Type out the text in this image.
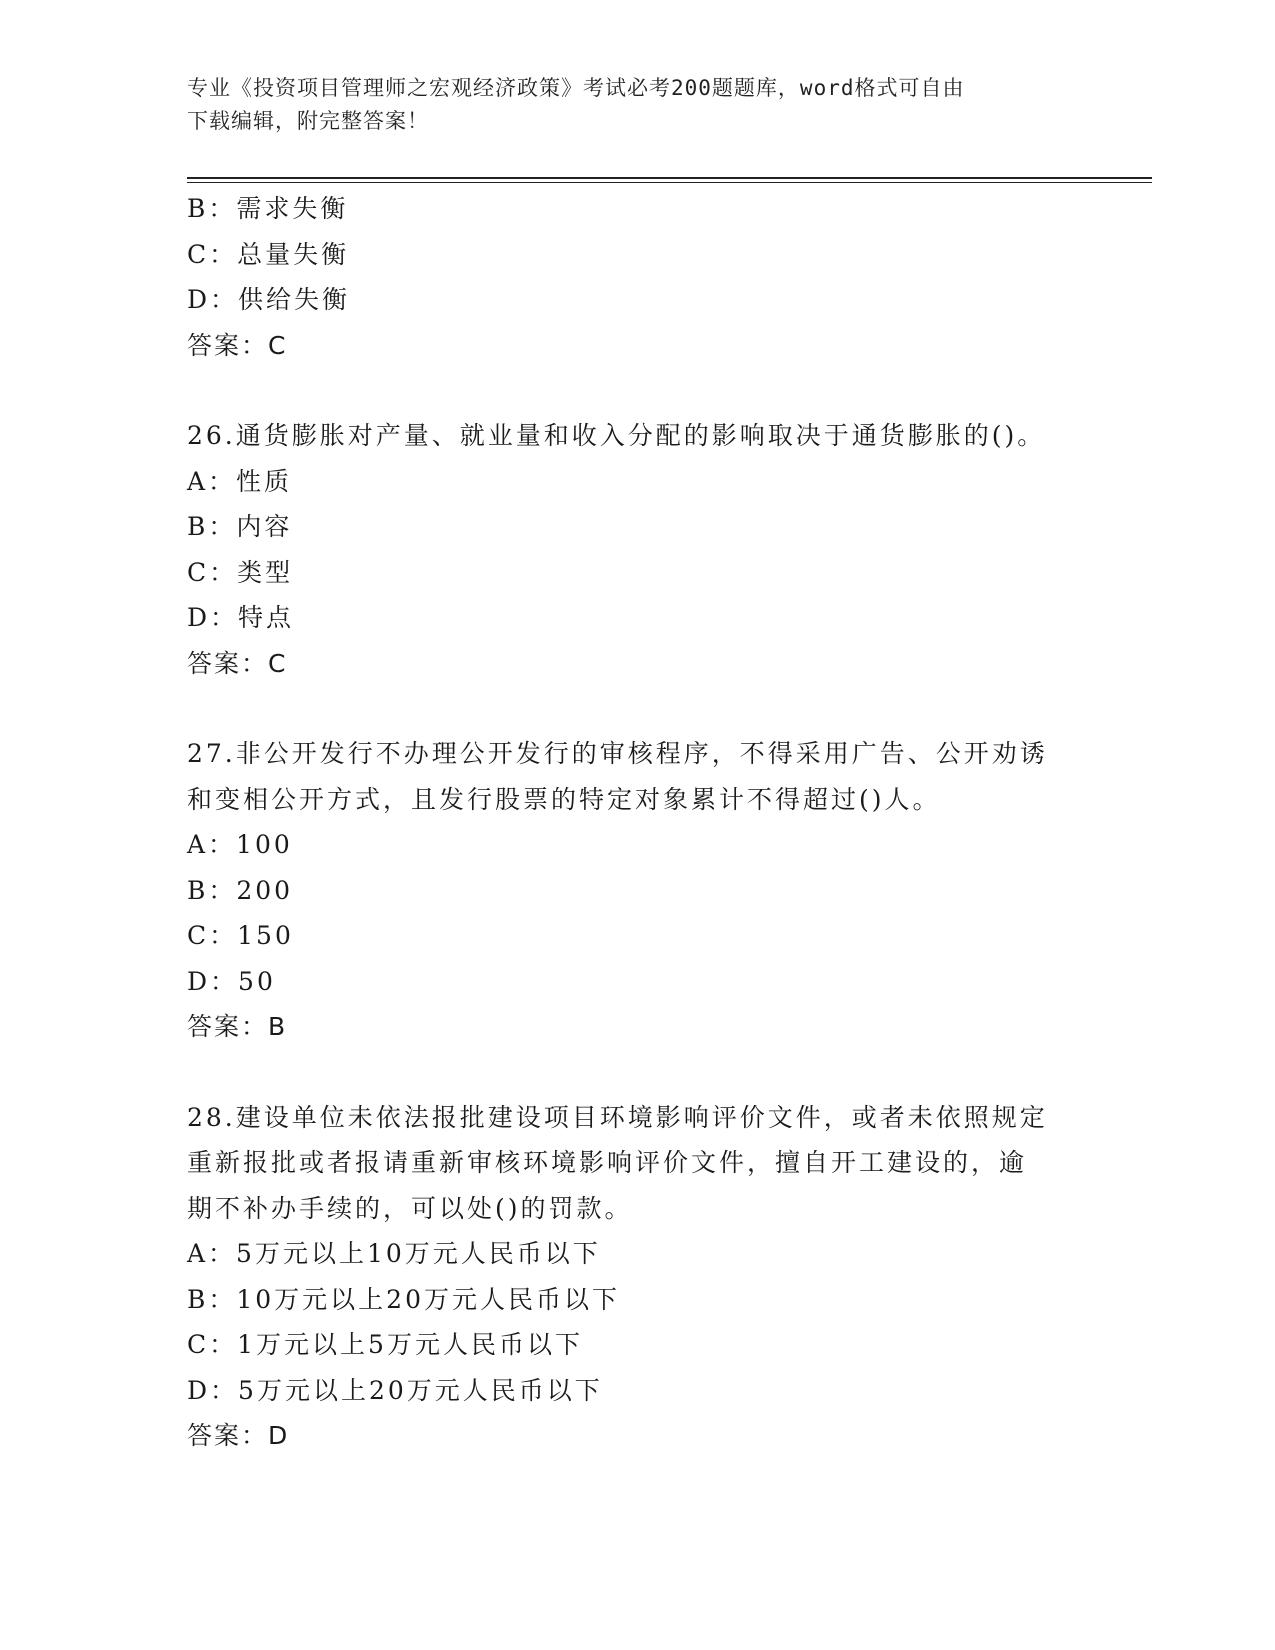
专业《投资项目管理师之宏观经济政策》考试必考200题题库，word格式可自由
下载编辑，附完整答案！
B：需求失衡
C：总量失衡
D：供给失衡
答案：C
26.通货膨胀对产量、就业量和收入分配的影响取决于通货膨胀的()。
A：性质
B：内容
C：类型
D：特点
答案：C
27.非公开发行不办理公开发行的审核程序，不得采用广告、公开劝诱
和变相公开方式，且发行股票的特定对象累计不得超过()人。
A：100
B：200
C：150
D：50
答案：B
28.建设单位未依法报批建设项目环境影响评价文件，或者未依照规定
重新报批或者报请重新审核环境影响评价文件，擅自开工建设的，逾
期不补办手续的，可以处()的罚款。
A：5万元以上10万元人民币以下
B：10万元以上20万元人民币以下
C：1万元以上5万元人民币以下
D：5万元以上20万元人民币以下
答案：D
